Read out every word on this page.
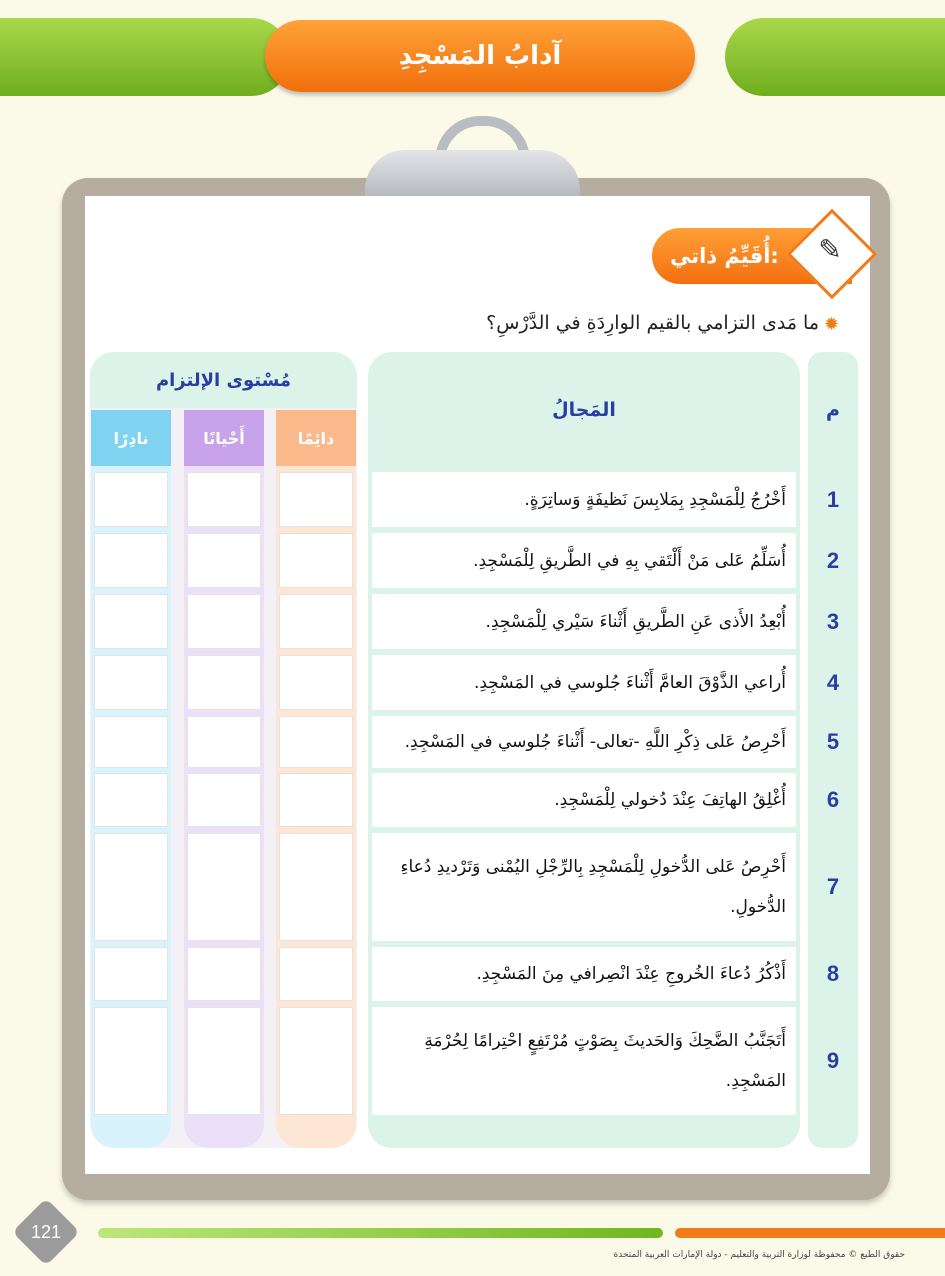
آدابُ المَسْجِدِ
أُقَيِّمُ ذاتي:	✎
✹
ما مَدى التزامي بالقيم الوارِدَةِ في الدَّرْسِ؟
م
المَجالُ
مُسْتوى الإلتزام
دائِمًا
أَحْيانًا
نادِرًا
1
أَخْرُجُ لِلْمَسْجِدِ بِمَلابِسَ نَظيفَةٍ وَساتِرَةٍ.
2
أُسَلِّمُ عَلى مَنْ أَلْتَقي بِهِ في الطَّريقِ لِلْمَسْجِدِ.
3
أُبْعِدُ الأَذى عَنِ الطَّريقِ أَثْناءَ سَيْري لِلْمَسْجِدِ.
4
أُراعي الذَّوْقَ العامَّ أَثْناءَ جُلوسي في المَسْجِدِ.
5
أَحْرِصُ عَلى ذِكْرِ اللَّهِ -تعالى- أَثْناءَ جُلوسي في المَسْجِدِ.
6
أُغْلِقُ الهاتِفَ عِنْدَ دُخولي لِلْمَسْجِدِ.
7
أَحْرِصُ عَلى الدُّخولِ لِلْمَسْجِدِ بِالرِّجْلِ اليُمْنى وَتَرْديدِ دُعاءِ الدُّخولِ.
8
أَذْكُرُ دُعاءَ الخُروجِ عِنْدَ انْصِرافي مِنَ المَسْجِدِ.
9
أَتَجَنَّبُ الضَّحِكَ وَالحَديثَ بِصَوْتٍ مُرْتَفِعٍ احْتِرامًا لِحُرْمَةِ المَسْجِدِ.
121
حقوق الطبع © محفوظة لوزارة التربية والتعليم - دولة الإمارات العربية المتحدة
